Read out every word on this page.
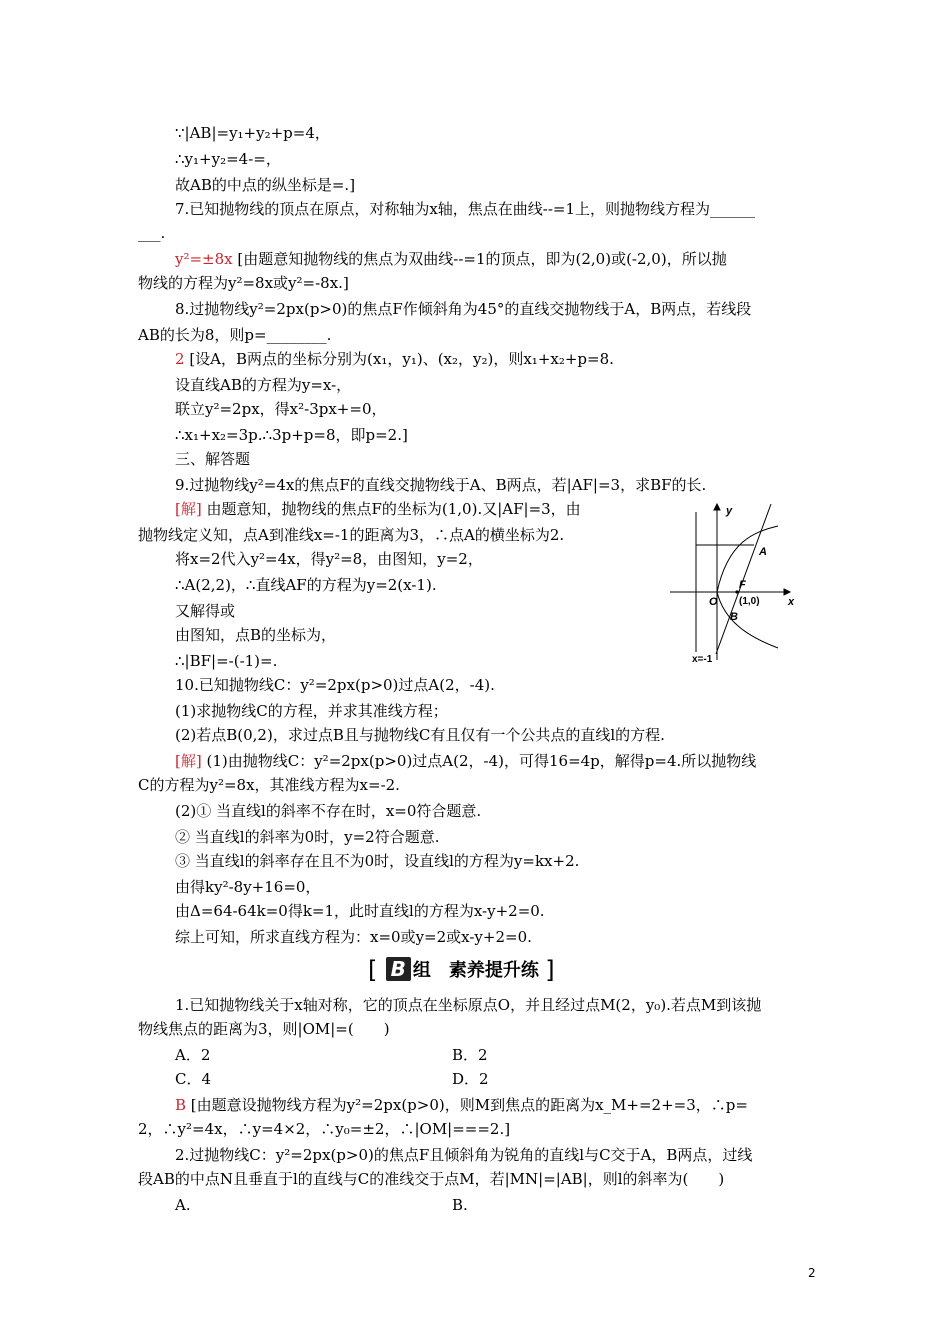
∵|AB|=y₁+y₂+p=4，
∴y₁+y₂=4-=，
故AB的中点的纵坐标是=.]
7.已知抛物线的顶点在原点，对称轴为x轴，焦点在曲线--=1上，则抛物线方程为______
___.
y²=±8x [由题意知抛物线的焦点为双曲线--=1的顶点，即为(2,0)或(-2,0)，所以抛
物线的方程为y²=8x或y²=-8x.]
8.过抛物线y²=2px(p>0)的焦点F作倾斜角为45°的直线交抛物线于A，B两点，若线段
AB的长为8，则p=________.
2 [设A，B两点的坐标分别为(x₁，y₁)、(x₂，y₂)，则x₁+x₂+p=8.
设直线AB的方程为y=x-，
联立y²=2px，得x²-3px+=0，
∴x₁+x₂=3p.∴3p+p=8，即p=2.]
三、解答题
9.过抛物线y²=4x的焦点F的直线交抛物线于A、B两点，若|AF|=3，求BF的长.
[解] 由题意知，抛物线的焦点F的坐标为(1,0).又|AF|=3，由
抛物线定义知，点A到准线x=-1的距离为3，∴点A的横坐标为2.
将x=2代入y²=4x，得y²=8，由图知，y=2，
∴A(2,2)，∴直线AF的方程为y=2(x-1).
又解得或
由图知，点B的坐标为，
∴|BF|=-(-1)=.
y
x
A
F
O
B
(1,0)
x=-1
10.已知抛物线C：y²=2px(p>0)过点A(2，-4).
(1)求抛物线C的方程，并求其准线方程；
(2)若点B(0,2)，求过点B且与抛物线C有且仅有一个公共点的直线l的方程.
[解] (1)由抛物线C：y²=2px(p>0)过点A(2，-4)，可得16=4p，解得p=4.所以抛物线
C的方程为y²=8x，其准线方程为x=-2.
(2)① 当直线l的斜率不存在时，x=0符合题意.
② 当直线l的斜率为0时，y=2符合题意.
③ 当直线l的斜率存在且不为0时，设直线l的方程为y=kx+2.
由得ky²-8y+16=0，
由Δ=64-64k=0得k=1，此时直线l的方程为x-y+2=0.
综上可知，所求直线方程为：x=0或y=2或x-y+2=0.
[ B 组　素养提升练 ]
1.已知抛物线关于x轴对称，它的顶点在坐标原点O，并且经过点M(2，y₀).若点M到该抛
物线焦点的距离为3，则|OM|=(　　)
A．2	B．2
C．4	D．2
B [由题意设抛物线方程为y²=2px(p>0)，则M到焦点的距离为x_M+=2+=3，∴p=
2，∴y²=4x，∴y=4×2，∴y₀=±2，∴|OM|===2.]
2.过抛物线C：y²=2px(p>0)的焦点F且倾斜角为锐角的直线l与C交于A，B两点，过线
段AB的中点N且垂直于l的直线与C的准线交于点M，若|MN|=|AB|，则l的斜率为(　　)
A.	B.
2
